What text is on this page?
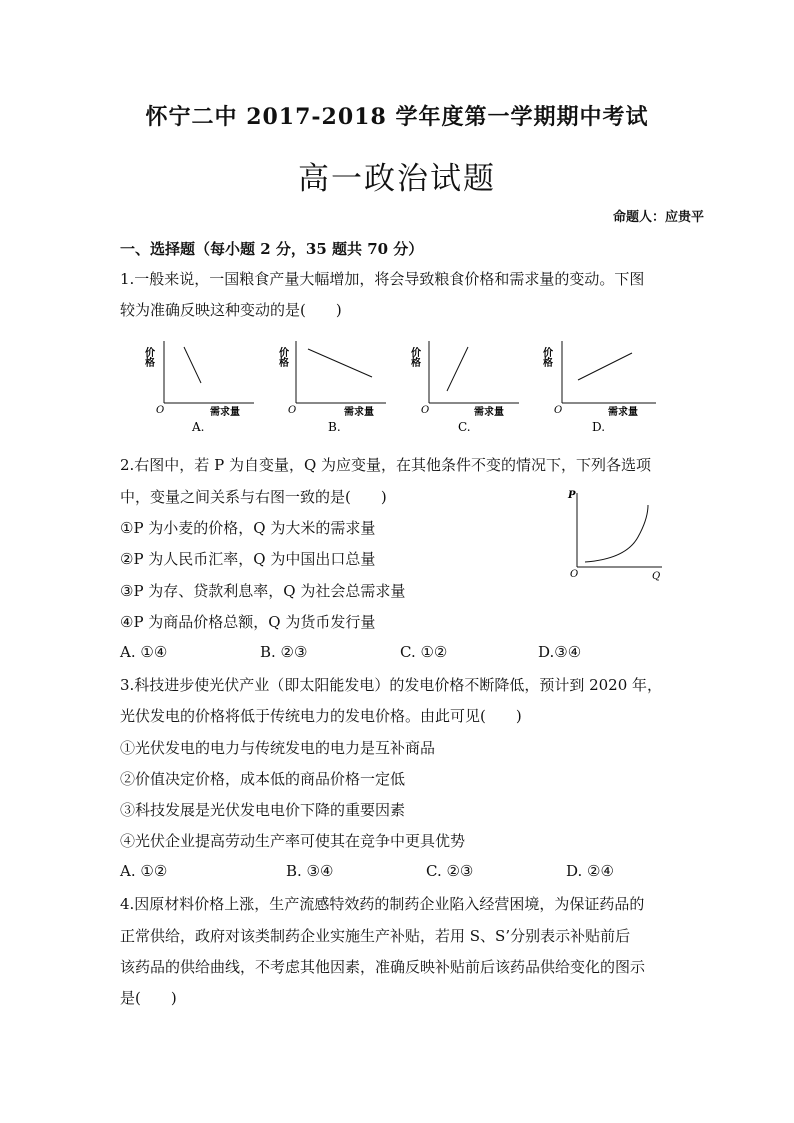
怀宁二中 2017-2018 学年度第一学期期中考试
高一政治试题
命题人：应贵平
一、选择题（每小题 2 分，35 题共 70 分）
1.一般来说，一国粮食产量大幅增加，将会导致粮食价格和需求量的变动。下图
较为准确反映这种变动的是(　　)
价格
O	需求量
A.
价格
O	需求量
B.
价格
O	需求量
C.
价格
O	需求量
D.
2.右图中，若 P 为自变量，Q 为应变量，在其他条件不变的情况下，下列各选项
中，变量之间关系与右图一致的是(　　)
①P 为小麦的价格，Q 为大米的需求量
②P 为人民币汇率，Q 为中国出口总量
③P 为存、贷款利息率，Q 为社会总需求量
④P 为商品价格总额，Q 为货币发行量
A. ①④	B. ②③	C. ①②	D.③④
P
O	Q
3.科技进步使光伏产业（即太阳能发电）的发电价格不断降低，预计到 2020 年，
光伏发电的价格将低于传统电力的发电价格。由此可见(　　)
①光伏发电的电力与传统发电的电力是互补商品
②价值决定价格，成本低的商品价格一定低
③科技发展是光伏发电电价下降的重要因素
④光伏企业提高劳动生产率可使其在竞争中更具优势
A. ①②	B. ③④	C. ②③	D. ②④
4.因原材料价格上涨，生产流感特效药的制药企业陷入经营困境，为保证药品的
正常供给，政府对该类制药企业实施生产补贴，若用 S、S’分别表示补贴前后
该药品的供给曲线，不考虑其他因素，准确反映补贴前后该药品供给变化的图示
是(　　)
